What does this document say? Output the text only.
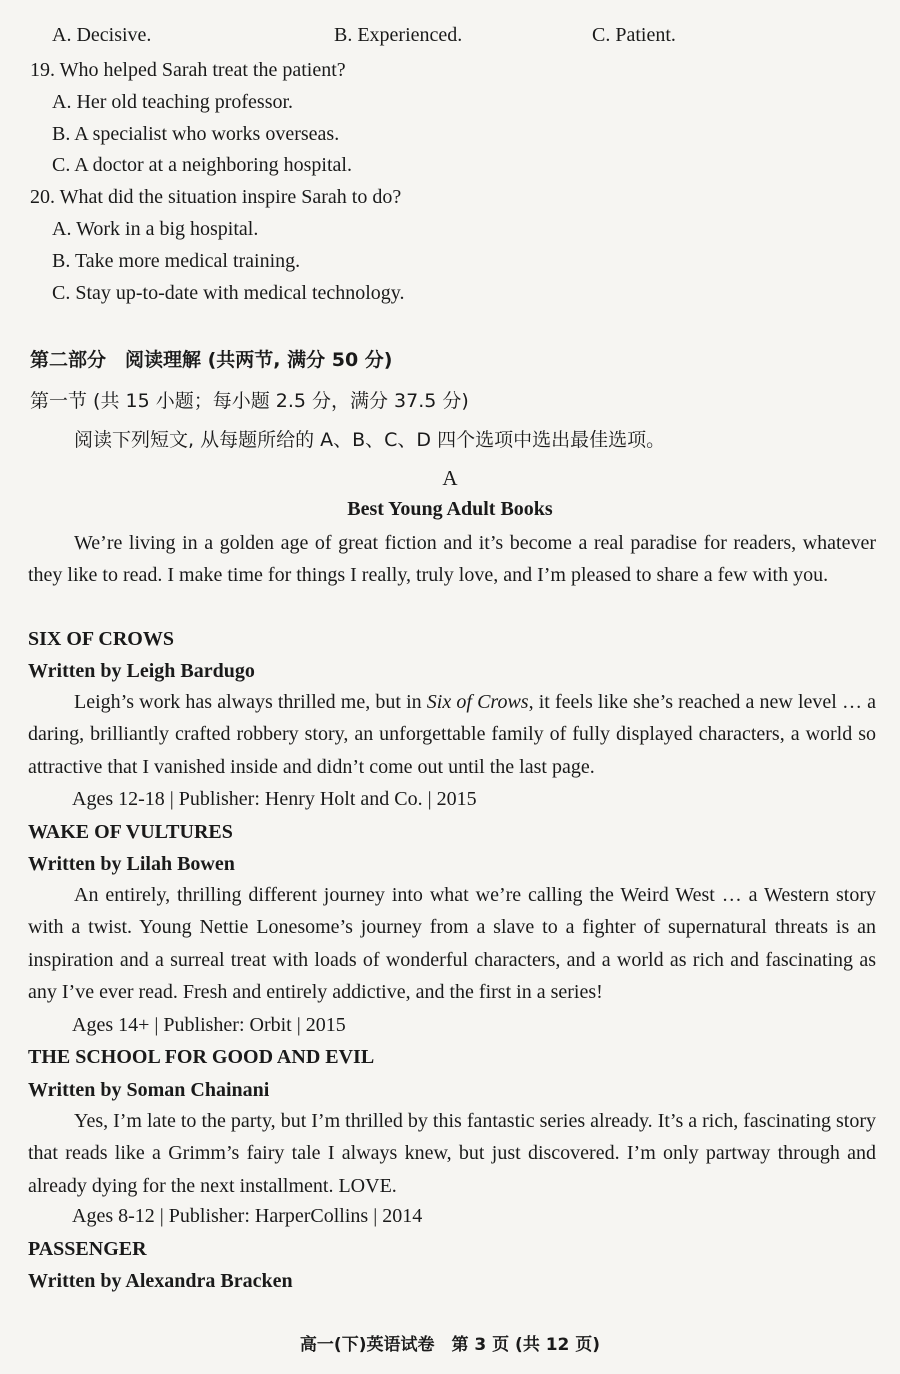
A. Decisive.	B. Experienced.	C. Patient.
19. Who helped Sarah treat the patient?
A. Her old teaching professor.
B. A specialist who works overseas.
C. A doctor at a neighboring hospital.
20. What did the situation inspire Sarah to do?
A. Work in a big hospital.
B. Take more medical training.
C. Stay up-to-date with medical technology.
第二部分　阅读理解 (共两节, 满分 50 分)
第一节 (共 15 小题；每小题 2.5 分，满分 37.5 分)
阅读下列短文, 从每题所给的 A、B、C、D 四个选项中选出最佳选项。
A
Best Young Adult Books
We’re living in a golden age of great fiction and it’s become a real paradise for readers, whatever they like to read. I make time for things I really, truly love, and I’m pleased to share a few with you.
SIX OF CROWS
Written by Leigh Bardugo
Leigh’s work has always thrilled me, but in Six of Crows, it feels like she’s reached a new level … a daring, brilliantly crafted robbery story, an unforgettable family of fully displayed characters, a world so attractive that I vanished inside and didn’t come out until the last page.
Ages 12-18 | Publisher: Henry Holt and Co. | 2015
WAKE OF VULTURES
Written by Lilah Bowen
An entirely, thrilling different journey into what we’re calling the Weird West … a Western story with a twist. Young Nettie Lonesome’s journey from a slave to a fighter of supernatural threats is an inspiration and a surreal treat with loads of wonderful characters, and a world as rich and fascinating as any I’ve ever read. Fresh and entirely addictive, and the first in a series!
Ages 14+ | Publisher: Orbit | 2015
THE SCHOOL FOR GOOD AND EVIL
Written by Soman Chainani
Yes, I’m late to the party, but I’m thrilled by this fantastic series already. It’s a rich, fascinating story that reads like a Grimm’s fairy tale I always knew, but just discovered. I’m only partway through and already dying for the next installment. LOVE.
Ages 8-12 | Publisher: HarperCollins | 2014
PASSENGER
Written by Alexandra Bracken
高一(下)英语试卷　第 3 页 (共 12 页)
